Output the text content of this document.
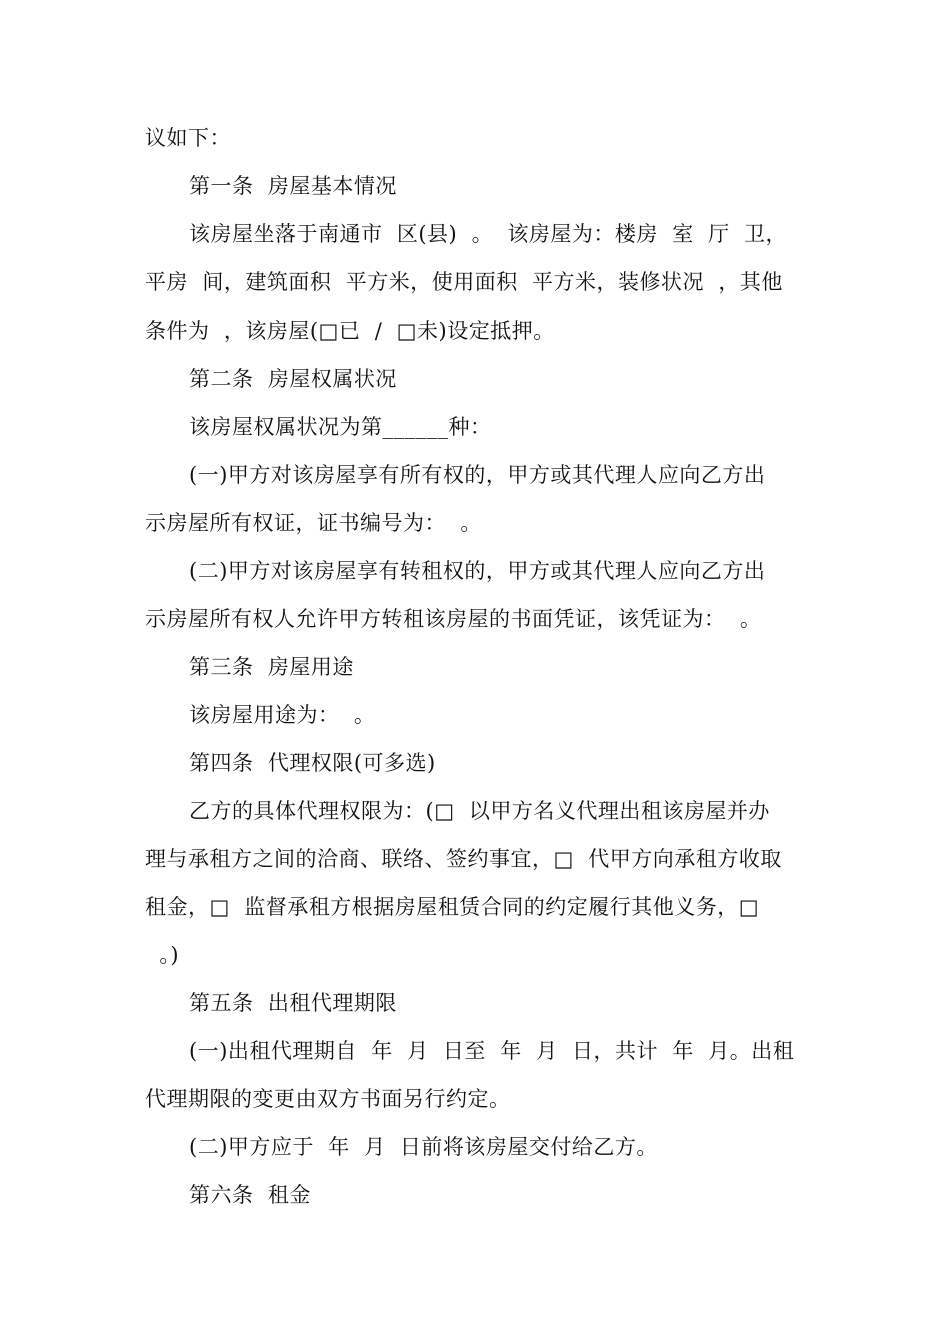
议如下：
第一条  房屋基本情况
该房屋坐落于南通市  区(县)  。  该房屋为：楼房  室  厅  卫，
平房  间，建筑面积  平方米，使用面积  平方米，装修状况  ，其他
条件为  ，该房屋(□已  /  □未)设定抵押。
第二条  房屋权属状况
该房屋权属状况为第______种：
(一)甲方对该房屋享有所有权的，甲方或其代理人应向乙方出
示房屋所有权证，证书编号为：  。
(二)甲方对该房屋享有转租权的，甲方或其代理人应向乙方出
示房屋所有权人允许甲方转租该房屋的书面凭证，该凭证为：  。
第三条  房屋用途
该房屋用途为：  。
第四条  代理权限(可多选)
乙方的具体代理权限为：(□  以甲方名义代理出租该房屋并办
理与承租方之间的洽商、联络、签约事宜，□  代甲方向承租方收取
租金，□  监督承租方根据房屋租赁合同的约定履行其他义务，□
。)
第五条  出租代理期限
(一)出租代理期自  年  月  日至  年  月  日，共计  年  月。出租
代理期限的变更由双方书面另行约定。
(二)甲方应于  年  月  日前将该房屋交付给乙方。
第六条  租金
